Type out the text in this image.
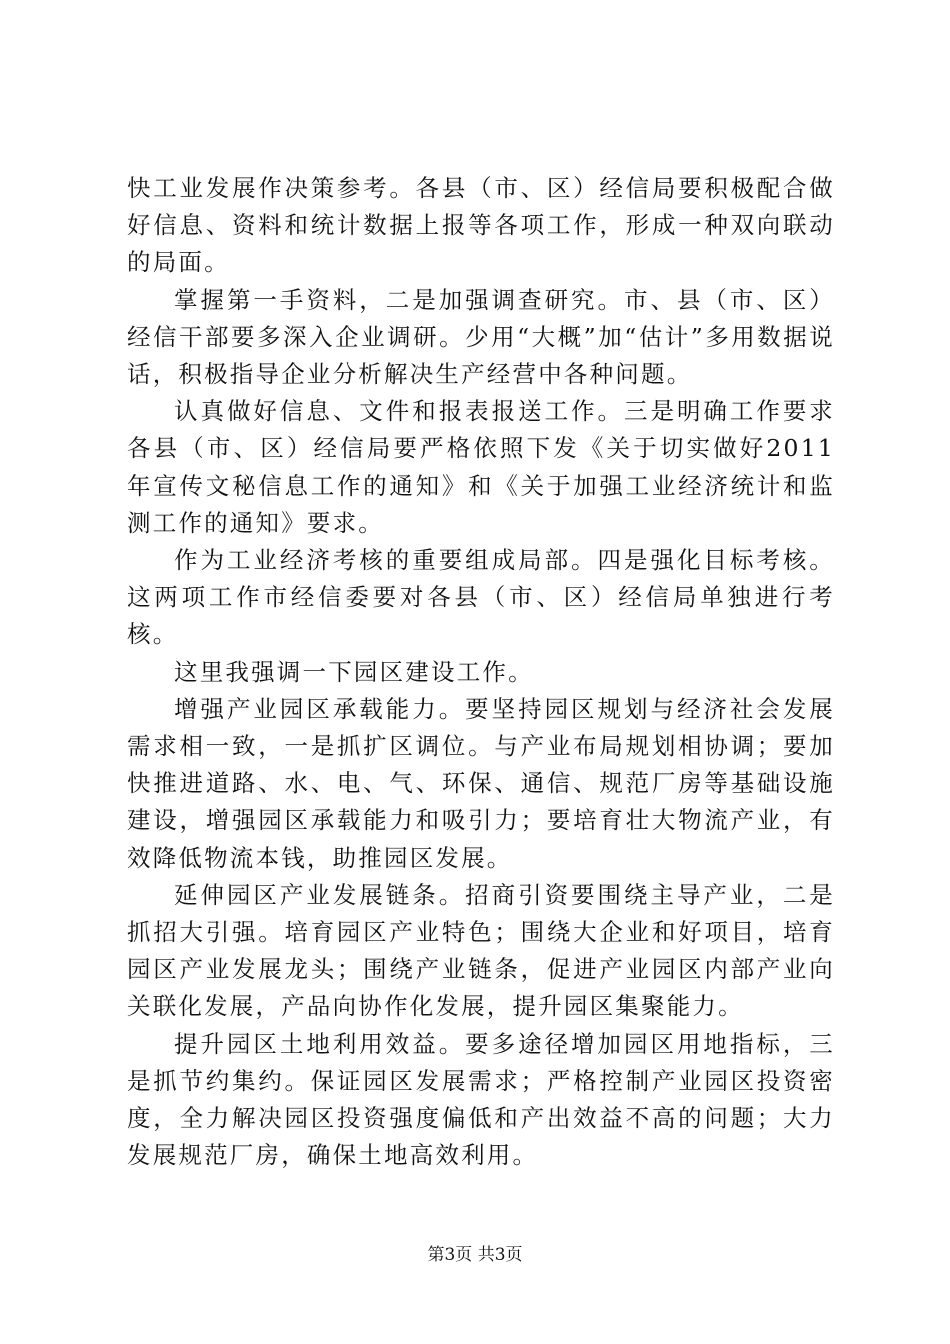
快工业发展作决策参考。各县（市、区）经信局要积极配合做好信息、资料和统计数据上报等各项工作，形成一种双向联动的局面。

掌握第一手资料，二是加强调查研究。市、县（市、区）经信干部要多深入企业调研。少用“大概”加“估计”多用数据说话，积极指导企业分析解决生产经营中各种问题。

认真做好信息、文件和报表报送工作。三是明确工作要求各县（市、区）经信局要严格依照下发《关于切实做好2011年宣传文秘信息工作的通知》和《关于加强工业经济统计和监测工作的通知》要求。

作为工业经济考核的重要组成局部。四是强化目标考核。这两项工作市经信委要对各县（市、区）经信局单独进行考核。

这里我强调一下园区建设工作。

增强产业园区承载能力。要坚持园区规划与经济社会发展需求相一致，一是抓扩区调位。与产业布局规划相协调；要加快推进道路、水、电、气、环保、通信、规范厂房等基础设施建设，增强园区承载能力和吸引力；要培育壮大物流产业，有效降低物流本钱，助推园区发展。

延伸园区产业发展链条。招商引资要围绕主导产业，二是抓招大引强。培育园区产业特色；围绕大企业和好项目，培育园区产业发展龙头；围绕产业链条，促进产业园区内部产业向关联化发展，产品向协作化发展，提升园区集聚能力。

提升园区土地利用效益。要多途径增加园区用地指标，三是抓节约集约。保证园区发展需求；严格控制产业园区投资密度，全力解决园区投资强度偏低和产出效益不高的问题；大力发展规范厂房，确保土地高效利用。

第3页 共3页
